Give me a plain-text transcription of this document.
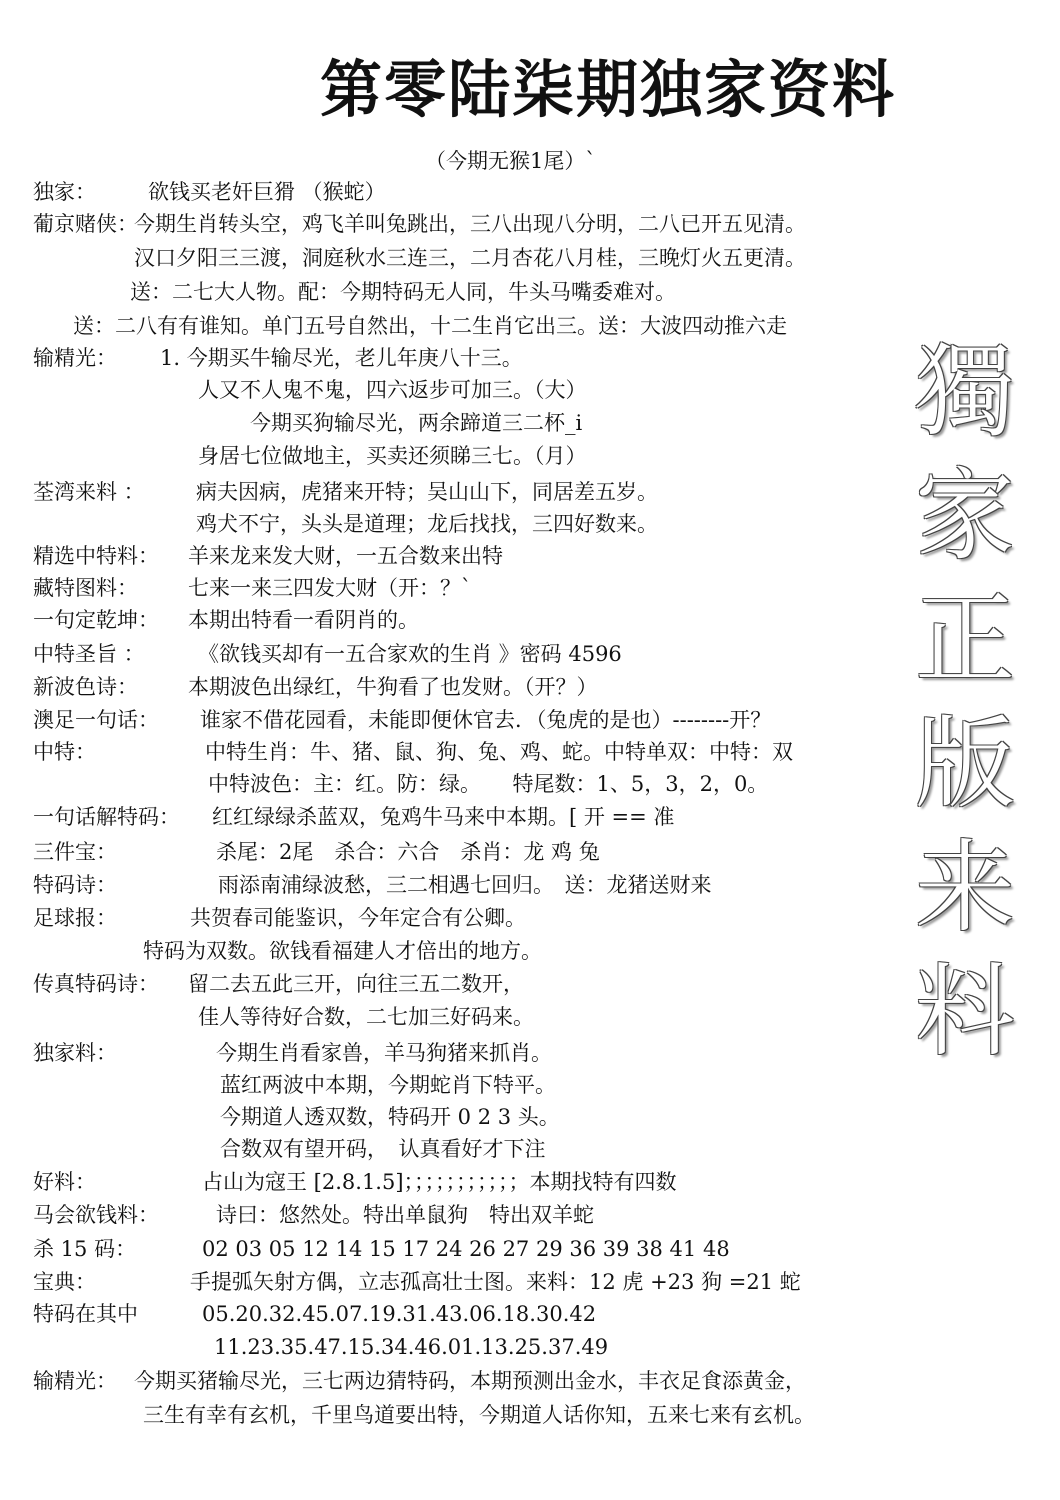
第零陆柒期独家资料
（今期无猴1尾）`
獨
家
正
版
来
料
独家： 欲钱买老奸巨猾 （猴蛇）
葡京赌侠：
今期生肖转头空，鸡飞羊叫兔跳出，三八出现八分明，二八已开五见清。
汉口夕阳三三渡，洞庭秋水三连三，二月杏花八月桂，三晚灯火五更清。
送：二七大人物。配：今期特码无人同，牛头马嘴委难对。
送：二八有有谁知。单门五号自然出，十二生肖它出三。送：大波四动推六走
输精光： 1. 今期买牛输尽光，老儿年庚八十三。
人又不人鬼不鬼，四六返步可加三。（大）
今期买狗输尽光，两余蹄道三二杯_i
身居七位做地主，买卖还须睇三七。（月）
荃湾来料 ： 病夫因病，虎猪来开特；吴山山下，同居差五岁。
鸡犬不宁，头头是道理；龙后找找，三四好数来。
精选中特料： 羊来龙来发大财，一五合数来出特
藏特图料： 七来一来三四发大财（开：？`
一句定乾坤： 本期出特看一看阴肖的。
中特圣旨 ：	《欲钱买却有一五合家欢的生肖 》密码 4596
新波色诗： 本期波色出绿红，牛狗看了也发财。（开？）
澳足一句话： 谁家不借花园看，未能即便休官去．（兔虎的是也）--------开？
中特：	中特生肖：牛、猪、鼠、狗、兔、鸡、蛇。中特单双：中特：双
中特波色：主：红。防：绿。　　特尾数：1、5，3，2，0。
一句话解特码： 红红绿绿杀蓝双，兔鸡牛马来中本期。[ 开 == 准
三件宝：	杀尾：2尾　杀合：六合　杀肖：龙 鸡 兔
特码诗：	雨添南浦绿波愁，三二相遇七回归。　送：龙猪送财来
足球报：	共贺春司能鉴识，今年定合有公卿。
特码为双数。欲钱看福建人才倍出的地方。
传真特码诗： 留二去五此三开，向往三五二数开，
佳人等待好合数，二七加三好码来。
独家料：	今期生肖看家兽，羊马狗猪来抓肖。
蓝红两波中本期，今期蛇肖下特平。
今期道人透双数，特码开 0 2 3 头。
合数双有望开码，　认真看好才下注
好料：	占山为寇王 [2.8.1.5]；；；；；；；；；；；本期找特有四数
马会欲钱料：	诗曰：悠然处。特出单鼠狗　特出双羊蛇
杀 15 码：	02 03 05 12 14 15 17 24 26 27 29 36 39 38 41 48
宝典：	手提弧矢射方偶，立志孤高壮士图。来料：12 虎 +23 狗 =21 蛇
特码在其中	05.20.32.45.07.19.31.43.06.18.30.42
11.23.35.47.15.34.46.01.13.25.37.49
输精光： 今期买猪输尽光，三七两边猜特码，本期预测出金水，丰衣足食添黄金，
三生有幸有玄机，千里鸟道要出特，今期道人话你知，五来七来有玄机。
